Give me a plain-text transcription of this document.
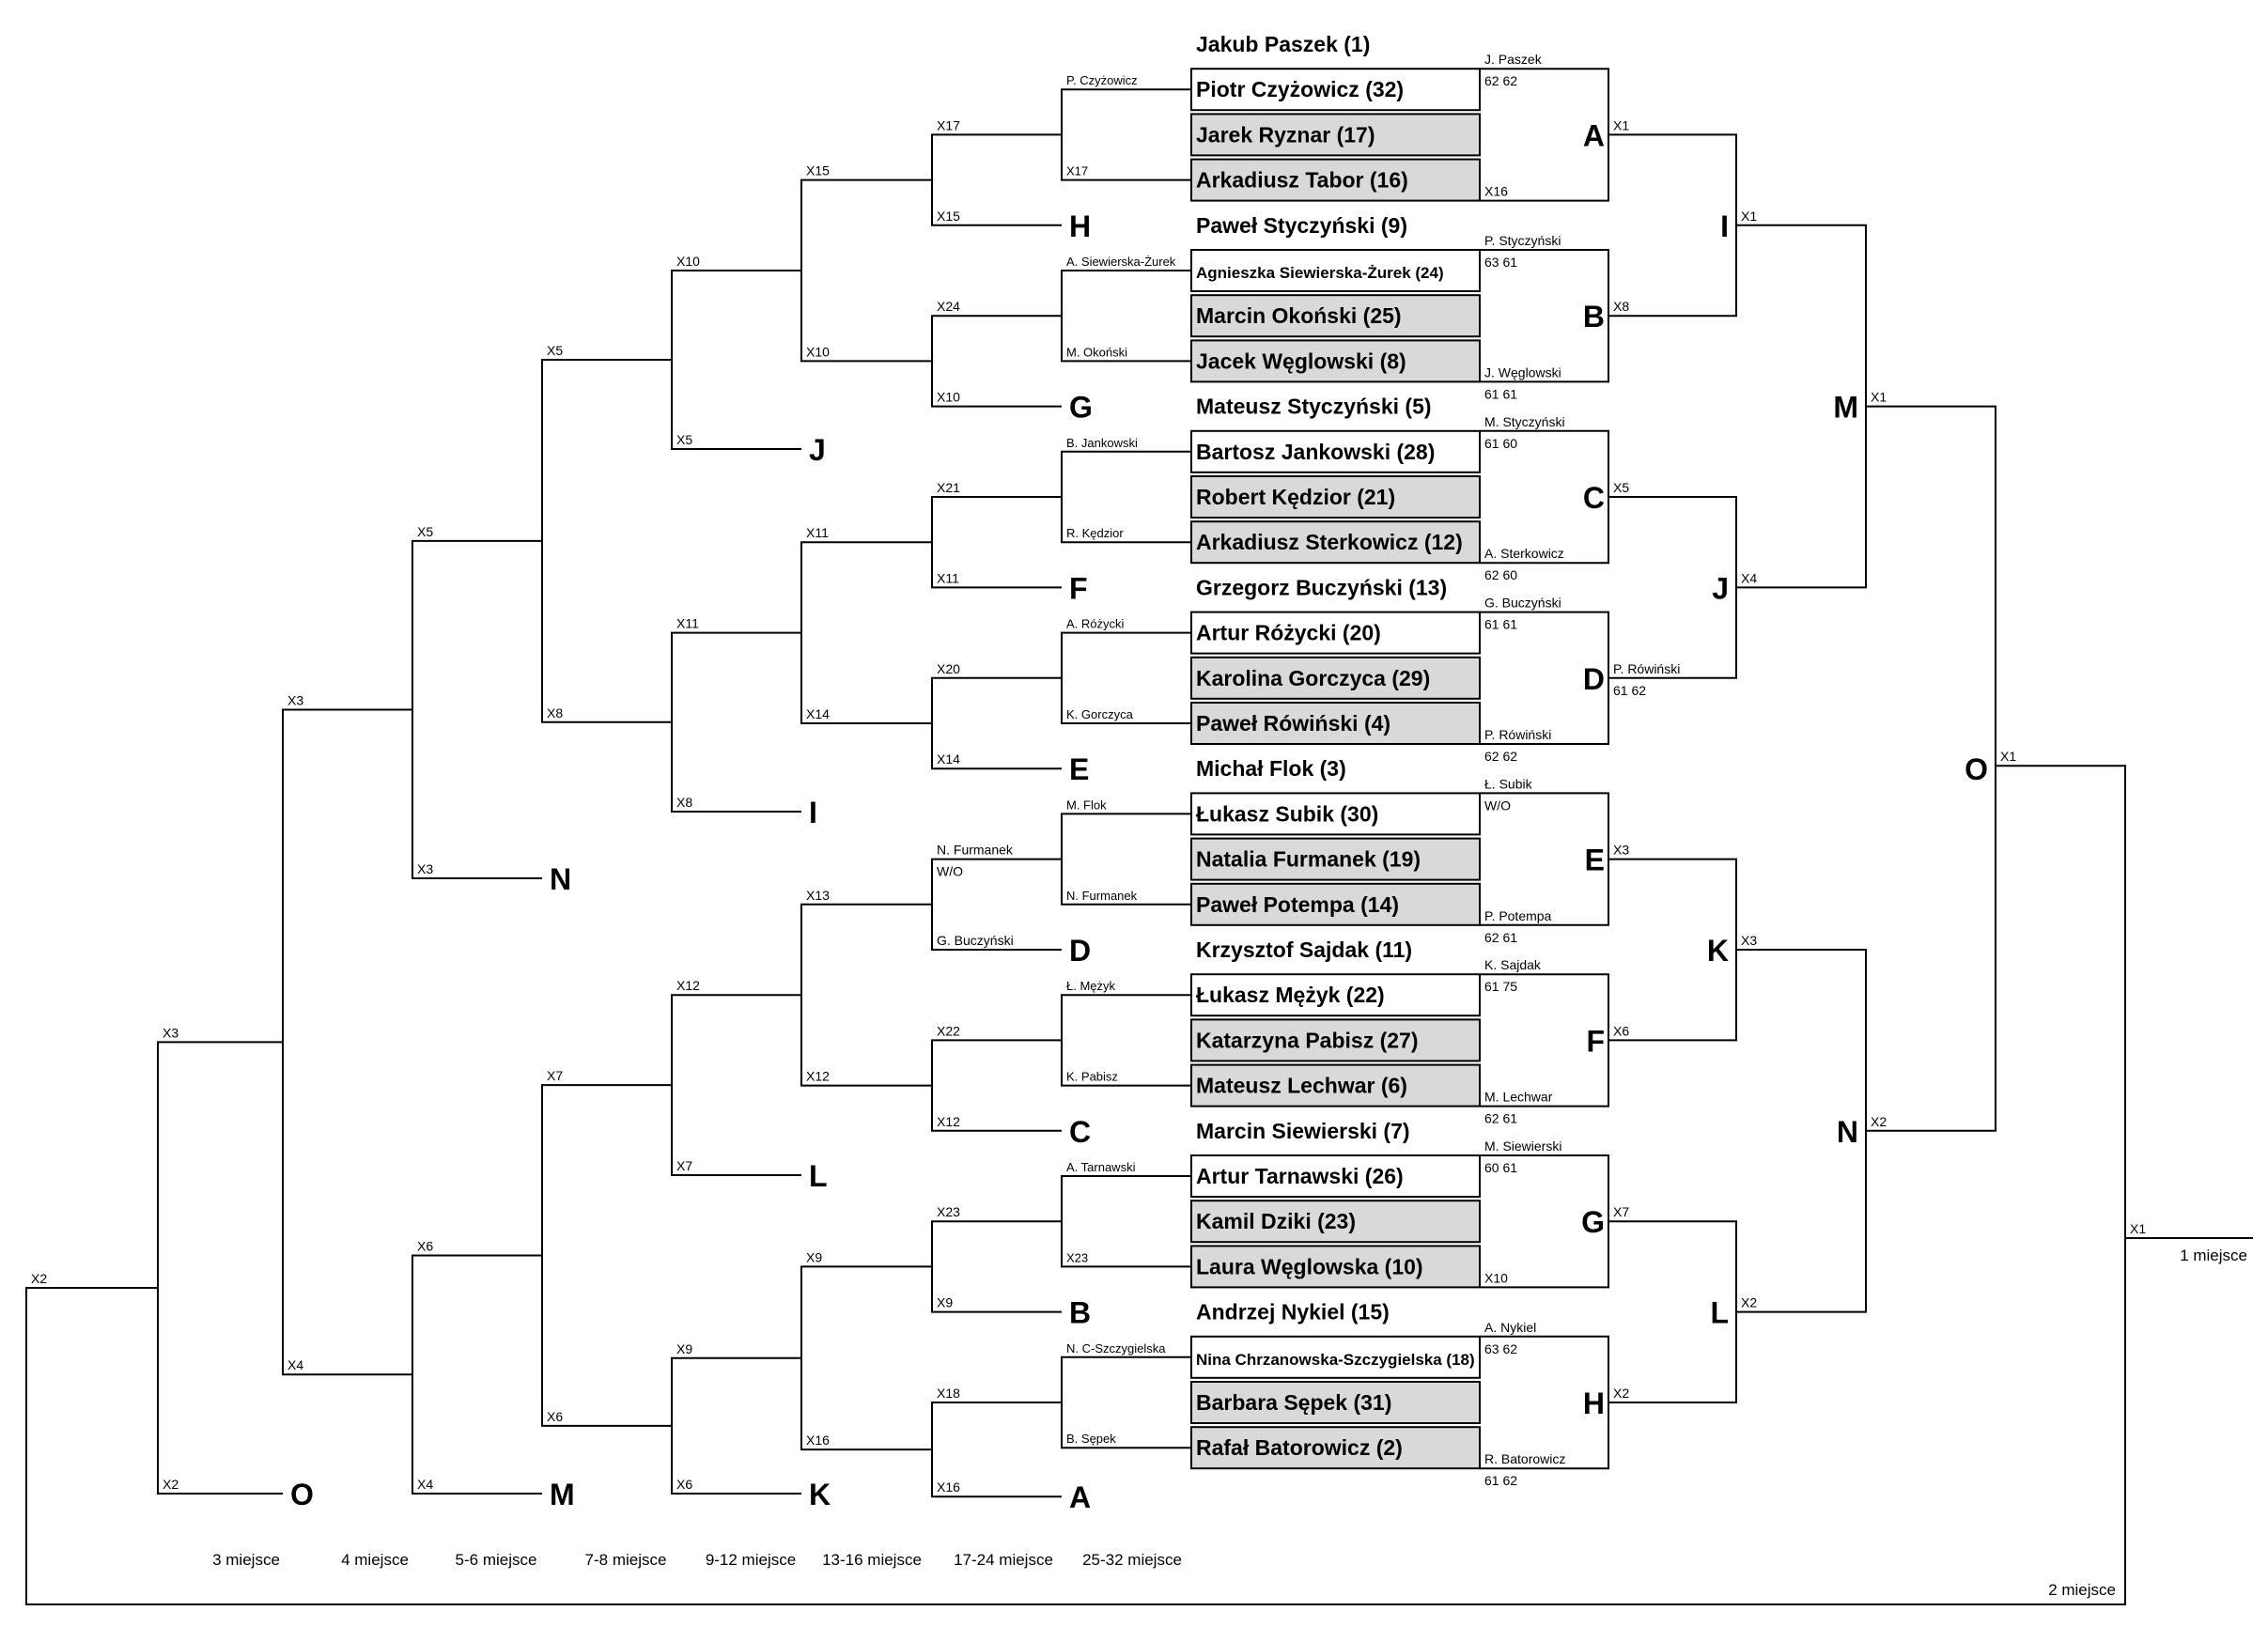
Jakub Paszek (1)
Piotr Czyżowicz (32)
Jarek Ryznar (17)
Arkadiusz Tabor (16)
Paweł Styczyński (9)
Agnieszka Siewierska-Żurek (24)
Marcin Okoński (25)
Jacek Węglowski (8)
Mateusz Styczyński (5)
Bartosz Jankowski (28)
Robert Kędzior (21)
Arkadiusz Sterkowicz (12)
Grzegorz Buczyński (13)
Artur Różycki (20)
Karolina Gorczyca (29)
Paweł Rówiński (4)
Michał Flok (3)
Łukasz Subik (30)
Natalia Furmanek (19)
Paweł Potempa (14)
Krzysztof Sajdak (11)
Łukasz Mężyk (22)
Katarzyna Pabisz (27)
Mateusz Lechwar (6)
Marcin Siewierski (7)
Artur Tarnawski (26)
Kamil Dziki (23)
Laura Węglowska (10)
Andrzej Nykiel (15)
Nina Chrzanowska-Szczygielska (18)
Barbara Sępek (31)
Rafał Batorowicz (2)
J. Paszek
62 62
X16
A
P. Styczyński
63 61
J. Węglowski
61 61
B
M. Styczyński
61 60
A. Sterkowicz
62 60
C
G. Buczyński
61 61
P. Rówiński
62 62
D
Ł. Subik
W/O
P. Potempa
62 61
E
K. Sajdak
61 75
M. Lechwar
62 61
F
M. Siewierski
60 61
X10
G
A. Nykiel
63 62
R. Batorowicz
61 62
H
X1
X8
I
X5
P. Rówiński
61 62
J
X3
X6
K
X7
X2
L
X1
X4
M
X3
X2
N
X1
X2
O X1
X1
1 miejsce
2 miejsce
X2
P. Czyżowicz
X17
A. Siewierska-Żurek
M. Okoński
B. Jankowski
R. Kędzior
A. Różycki
K. Gorczyca
M. Flok
N. Furmanek
Ł. Mężyk
K. Pabisz
A. Tarnawski
X23
N. C-Szczygielska
B. Sępek
X17
X15	H
X24
X10	G
X21
X11	F
X20
X14	E
N. Furmanek
W/O
G. Buczyński D
X22
X12	C
X23
X9	B
X18
X16	A
X15
X10
X11
X14
X13
X12
X9
X16
X10
X5	J
X11
X8	I
X12
X7	L
X9
X6	K
X5
X8
X7
X6
X5
X3	N
X6
X4	M
X3
X4
X3
X2	O
3 miejsce	4 miejsce	5-6 miejsce	7-8 miejsce 9-12 miejsce 13-16 miejsce 17-24 miejsce 25-32 miejsce
